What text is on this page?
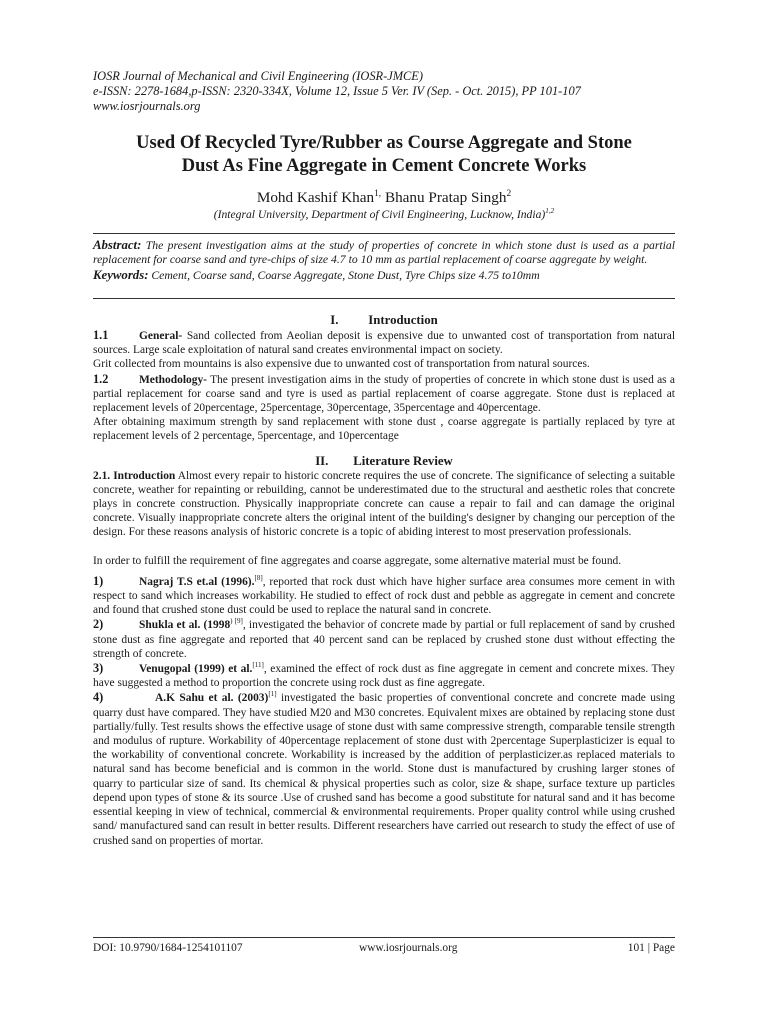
IOSR Journal of Mechanical and Civil Engineering (IOSR-JMCE)
e-ISSN: 2278-1684,p-ISSN: 2320-334X, Volume 12, Issue 5 Ver. IV (Sep. - Oct. 2015), PP 101-107
www.iosrjournals.org
Used Of Recycled Tyre/Rubber as Course Aggregate and Stone
Dust As Fine Aggregate in Cement Concrete Works
Mohd Kashif Khan$^{1,}$ Bhanu Pratap Singh$^2$
(Integral University, Department of Civil Engineering, Lucknow, India)$^{1,2}$
Abstract: The present investigation aims at the study of properties of concrete in which stone dust is used as a partial replacement for coarse sand and tyre-chips of size 4.7 to 10 mm as partial replacement of coarse aggregate by weight.
Keywords: Cement, Coarse sand, Coarse Aggregate, Stone Dust, Tyre Chips size 4.75 to10mm
I. Introduction

1.1	General- Sand collected from Aeolian deposit is expensive due to unwanted cost of transportation from natural sources. Large scale exploitation of natural sand creates environmental impact on society.

Grit collected from mountains is also expensive due to unwanted cost of transportation from natural sources.

1.2	Methodology- The present investigation aims in the study of properties of concrete in which stone dust is used as a partial replacement for coarse sand and tyre is used as partial replacement of coarse aggregate. Stone dust is replaced at replacement levels of 20percentage, 25percentage, 30percentage, 35percentage and 40percentage.

After obtaining maximum strength by sand replacement with stone dust , coarse aggregate is partially replaced by tyre at replacement levels of 2 percentage, 5percentage, and 10percentage

II. Literature Review

2.1. Introduction Almost every repair to historic concrete requires the use of concrete. The significance of selecting a suitable concrete, weather for repainting or rebuilding, cannot be underestimated due to the structural and aesthetic roles that concrete plays in concrete construction. Physically inappropriate concrete can cause a repair to fail and can damage the original concrete. Visually inappropriate concrete alters the original intent of the building's designer by changing our perception of the design. For these reasons analysis of historic concrete is a topic of abiding interest to most preservation professionals.

In order to fulfill the requirement of fine aggregates and coarse aggregate, some alternative material must be found.

1)	Nagraj T.S et.al (1996).[8], reported that rock dust which have higher surface area consumes more cement in with respect to sand which increases workability. He studied to effect of rock dust and pebble as aggregate in cement and concrete and found that crushed stone dust could be used to replace the natural sand in concrete.

2)	Shukla et al. ($1998^{) [9]}$, investigated the behavior of concrete made by partial or full replacement of sand by crushed stone dust as fine aggregate and reported that 40 percent sand can be replaced by crushed stone dust without effecting the strength of concrete.

3)	Venugopal (1999) et al.[11], examined the effect of rock dust as fine aggregate in cement and concrete mixes. They have suggested a method to proportion the concrete using rock dust as fine aggregate.

4)	A.K Sahu et al. (2003)[1] investigated the basic properties of conventional concrete and concrete made using quarry dust have compared. They have studied M20 and M30 concretes. Equivalent mixes are obtained by replacing stone dust partially/fully. Test results shows the effective usage of stone dust with same compressive strength, comparable tensile strength and modulus of rupture. Workability of 40percentage replacement of stone dust with 2percentage Superplasticizer is equal to the workability of conventional concrete. Workability is increased by the addition of perplasticizer.as replaced materials to natural sand has become beneficial and is common in the world. Stone dust is manufactured by crushing larger stones of quarry to particular size of sand. Its chemical & physical properties such as color, size & shape, surface texture up particles depend upon types of stone & its source .Use of crushed sand has become a good substitute for natural sand and it has become essential keeping in view of technical, commercial & environmental requirements. Proper quality control while using crushed sand/ manufactured sand can result in better results. Different researchers have carried out research to study the effect of use of crushed sand on properties of mortar.

DOI: 10.9790/1684-1254101107	www.iosrjournals.org	101 | Page
